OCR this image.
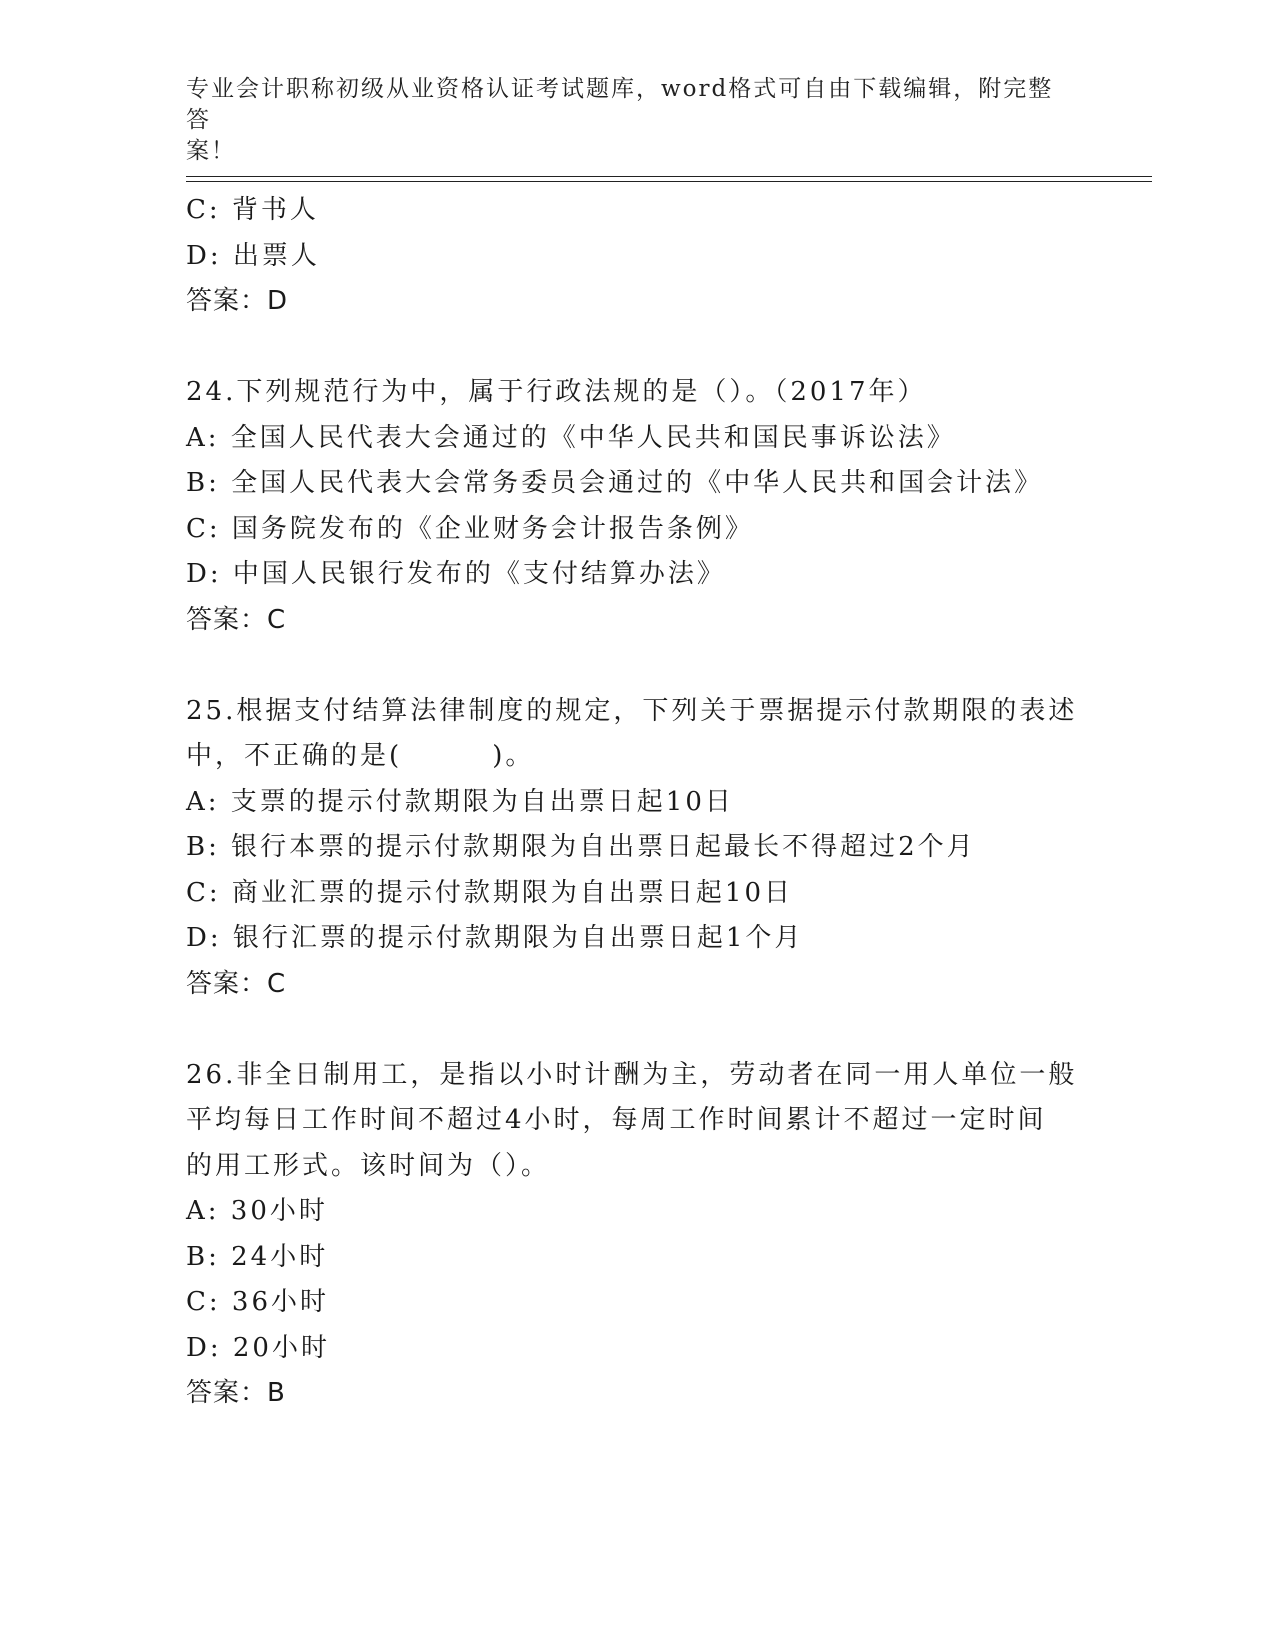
专业会计职称初级从业资格认证考试题库，word格式可自由下载编辑，附完整答
案！
C: 背书人
D: 出票人
答案：D
24.下列规范行为中，属于行政法规的是（）。（2017年）
A: 全国人民代表大会通过的《中华人民共和国民事诉讼法》
B: 全国人民代表大会常务委员会通过的《中华人民共和国会计法》
C: 国务院发布的《企业财务会计报告条例》
D: 中国人民银行发布的《支付结算办法》
答案：C
25.根据支付结算法律制度的规定，下列关于票据提示付款期限的表述
中，不正确的是(        )。
A: 支票的提示付款期限为自出票日起10日
B: 银行本票的提示付款期限为自出票日起最长不得超过2个月
C: 商业汇票的提示付款期限为自出票日起10日
D: 银行汇票的提示付款期限为自出票日起1个月
答案：C
26.非全日制用工，是指以小时计酬为主，劳动者在同一用人单位一般
平均每日工作时间不超过4小时，每周工作时间累计不超过一定时间
的用工形式。该时间为（）。
A: 30小时
B: 24小时
C: 36小时
D: 20小时
答案：B
